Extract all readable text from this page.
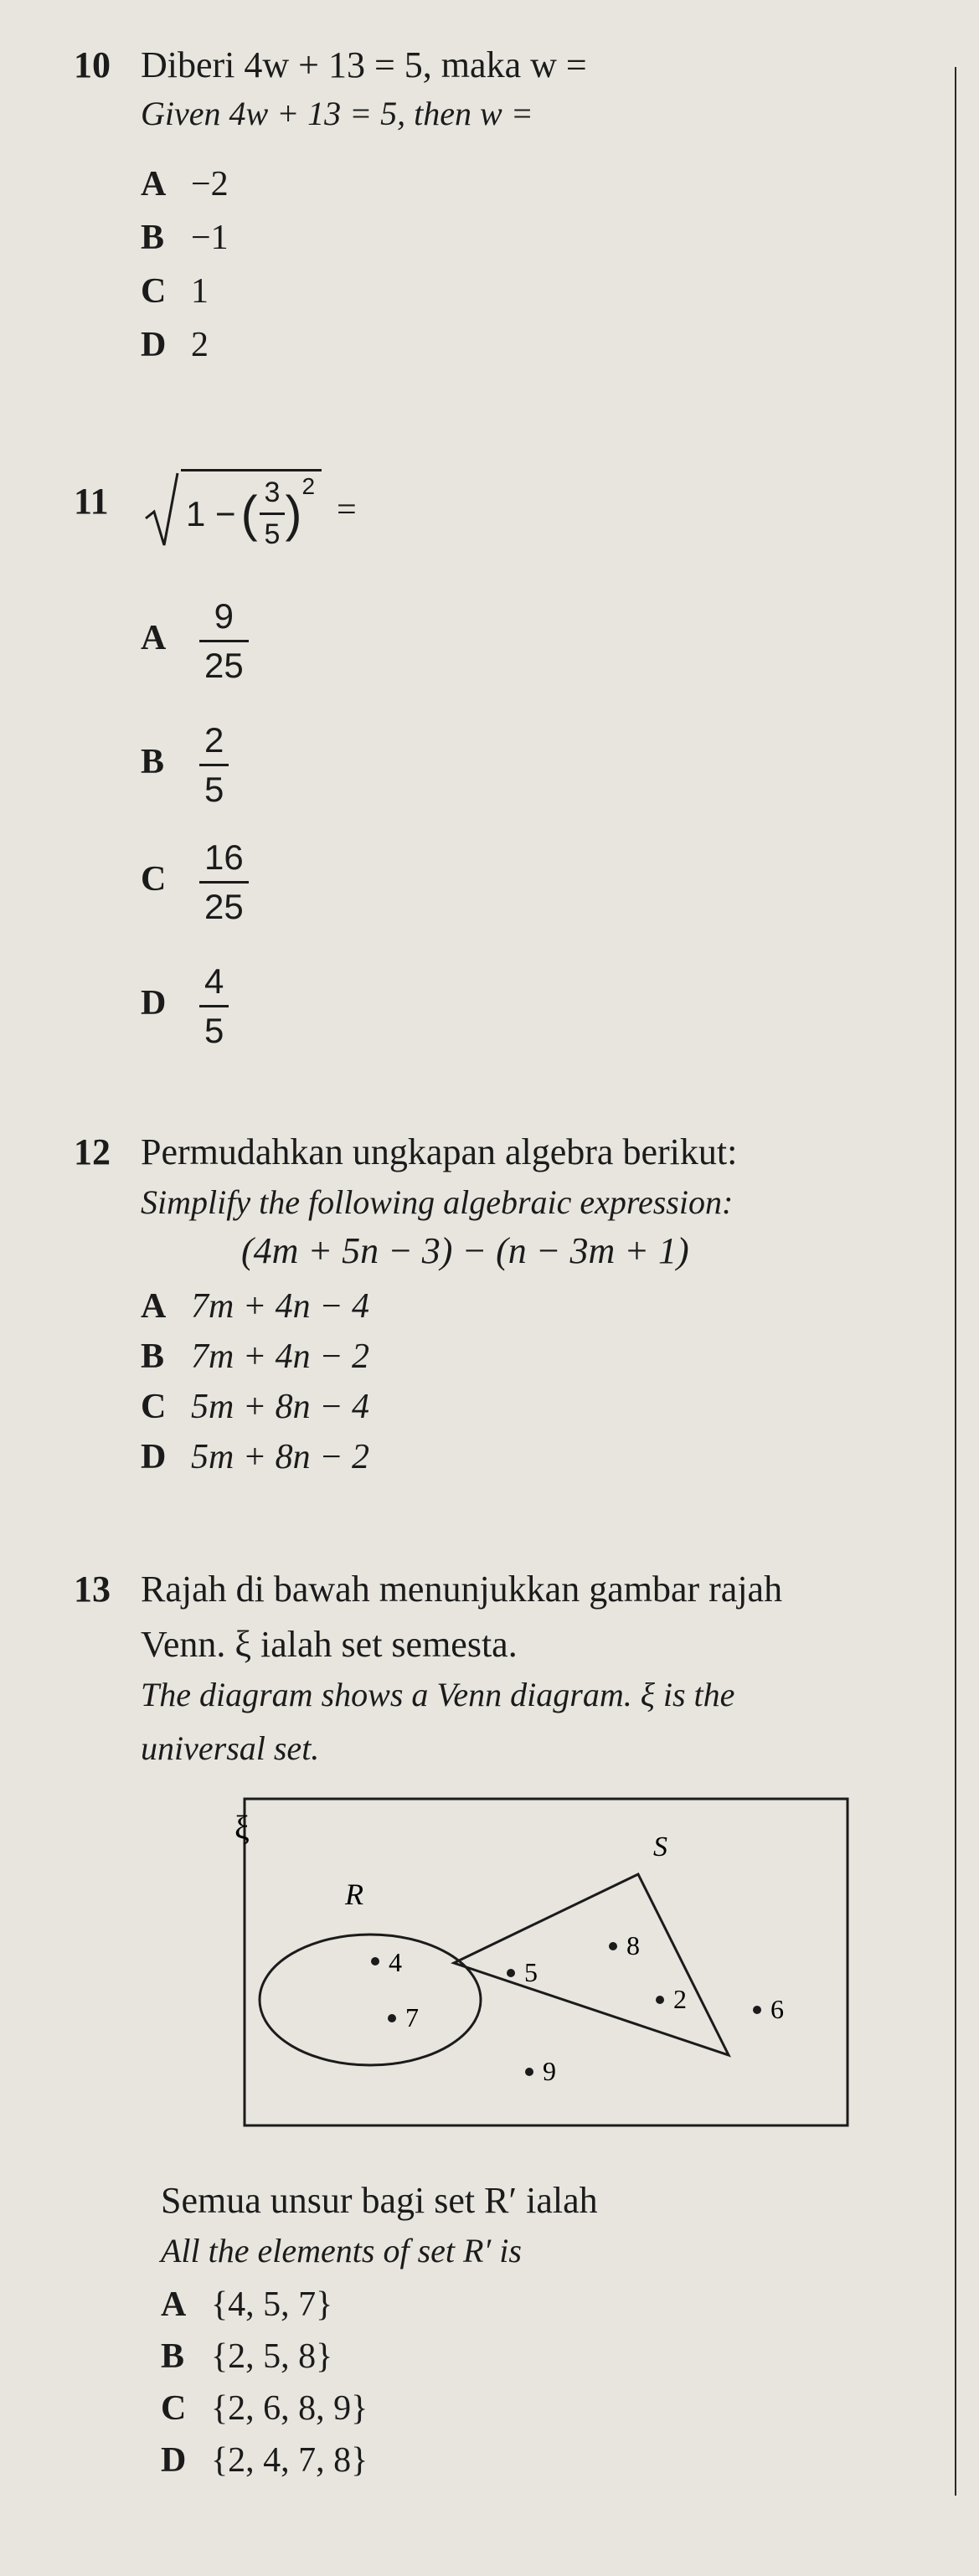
10 Diberi 4w + 13 = 5, maka w =
Given 4w + 13 = 5, then w =
A −2
B −1
C 1
D 2
11 1 − ( $\frac{3}{5} )^2$
=
A $\frac{9}{25}$
B $\frac{2}{5}$
C $\frac{16}{25}$
D $\frac{4}{5}$
12 Permudahkan ungkapan algebra berikut:
Simplify the following algebraic expression:
(4m + 5n − 3) − (n − 3m + 1)
A 7m + 4n − 4
B 7m + 4n − 2
C 5m + 8n − 4
D 5m + 8n − 2
13 Rajah di bawah menunjukkan gambar rajah
Venn. ξ ialah set semesta.
The diagram shows a Venn diagram. ξ is the
universal set.
ξ
R
S
4	5
7
8
2	6
9
Semua unsur bagi set R′ ialah
All the elements of set R′ is
A {4, 5, 7}
B {2, 5, 8}
C {2, 6, 8, 9}
D {2, 4, 7, 8}
